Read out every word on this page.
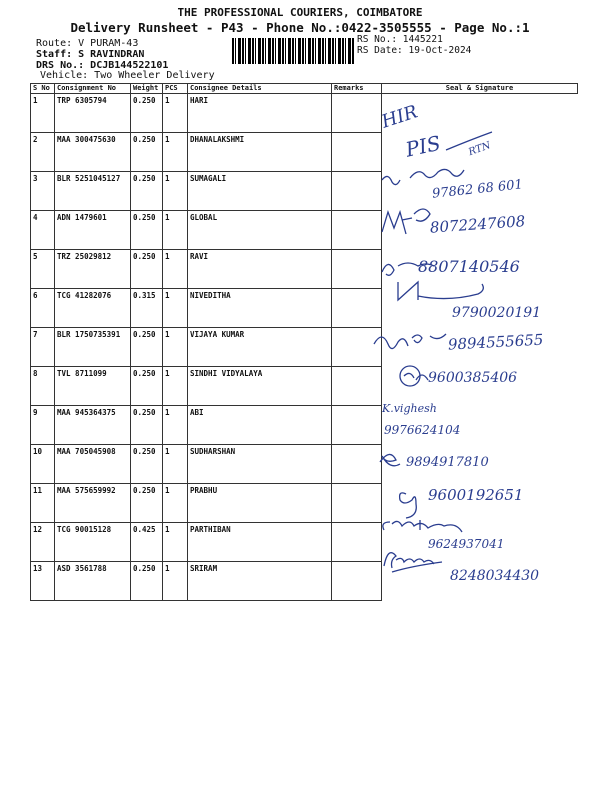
THE PROFESSIONAL COURIERS, COIMBATORE
Delivery Runsheet - P43 - Phone No.:0422-3505555 - Page No.:1
Route: V PURAM-43
Staff: S RAVINDRAN
DRS No.: DCJB144522101
Vehicle: Two Wheeler Delivery
RS No.: 1445221
RS Date: 19-Oct-2024
S No	Consignment No	Weight	PCS	Consignee Details	Remarks	Seal & Signature
1	TRP 6305794	0.250	1	HARI		
2	MAA 300475630	0.250	1	DHANALAKSHMI		
3	BLR 5251045127	0.250	1	SUMAGALI		
4	ADN 1479601	0.250	1	GLOBAL		
5	TRZ 25029812	0.250	1	RAVI		
6	TCG 41282076	0.315	1	NIVEDITHA		
7	BLR 1750735391	0.250	1	VIJAYA KUMAR		
8	TVL 8711099	0.250	1	SINDHI VIDYALAYA		
9	MAA 945364375	0.250	1	ABI		
10	MAA 705045908	0.250	1	SUDHARSHAN		
11	MAA 575659992	0.250	1	PRABHU		
12	TCG 90015128	0.425	1	PARTHIBAN		
13	ASD 3561788	0.250	1	SRIRAM		
HIR
PIS RTN
97862 68 601
8072247608
8807140546
9790020191
9894555655
9600385406
K.vighesh
9976624104
9894917810
9600192651
9624937041
8248034430
